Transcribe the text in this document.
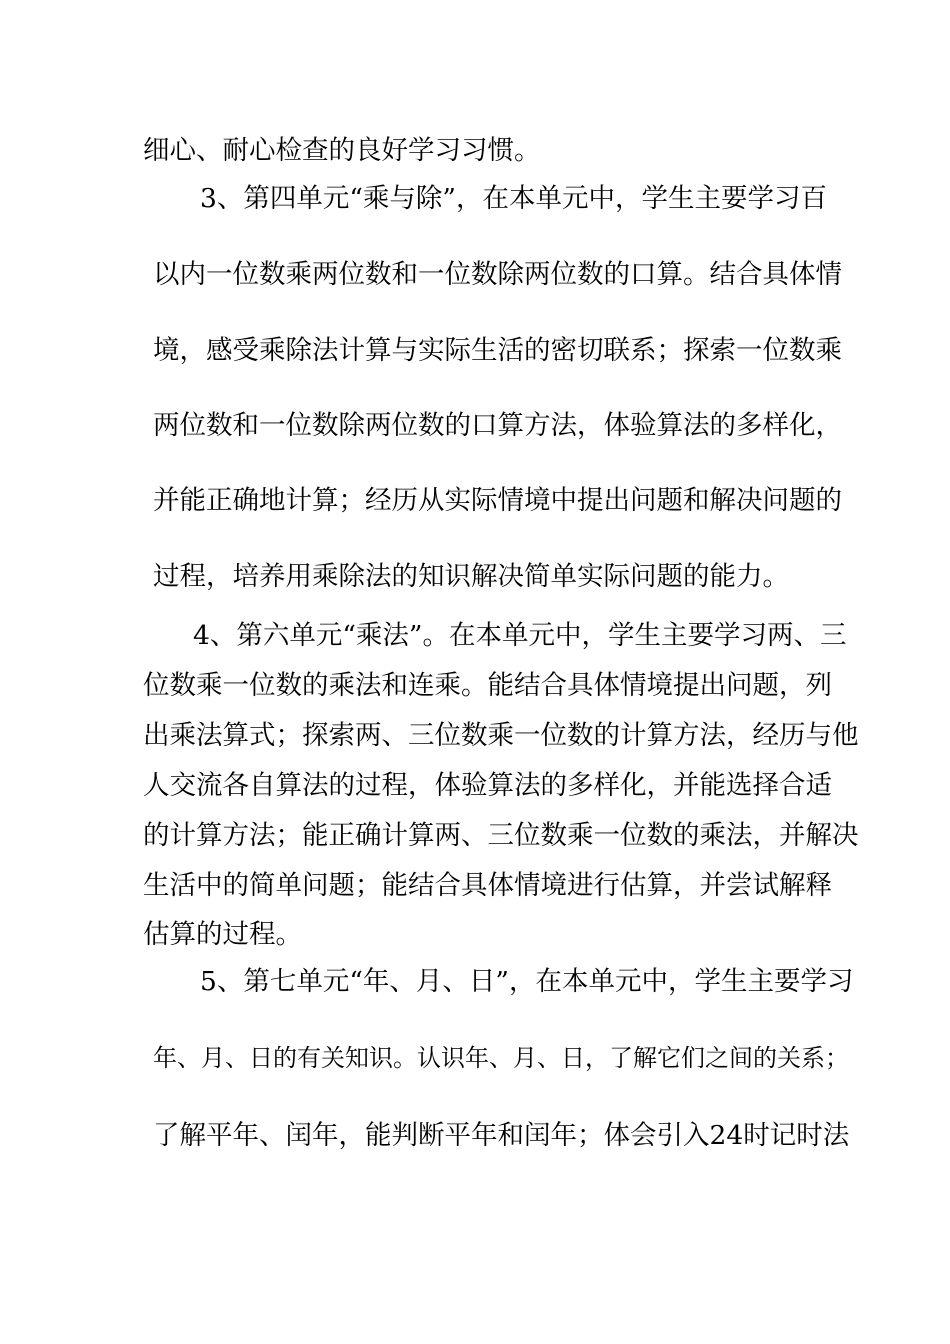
细心、耐心检查的良好学习习惯。
3、第四单元“乘与除”，在本单元中，学生主要学习百
以内一位数乘两位数和一位数除两位数的口算。结合具体情
境，感受乘除法计算与实际生活的密切联系；探索一位数乘
两位数和一位数除两位数的口算方法，体验算法的多样化，
并能正确地计算；经历从实际情境中提出问题和解决问题的
过程，培养用乘除法的知识解决简单实际问题的能力。
4、第六单元“乘法”。在本单元中，学生主要学习两、三
位数乘一位数的乘法和连乘。能结合具体情境提出问题，列
出乘法算式；探索两、三位数乘一位数的计算方法，经历与他
人交流各自算法的过程，体验算法的多样化，并能选择合适
的计算方法；能正确计算两、三位数乘一位数的乘法，并解决
生活中的简单问题；能结合具体情境进行估算，并尝试解释
估算的过程。
5、第七单元“年、月、日”，在本单元中，学生主要学习
年、月、日的有关知识。认识年、月、日，了解它们之间的关系；
了解平年、闰年，能判断平年和闰年；体会引入24时记时法
